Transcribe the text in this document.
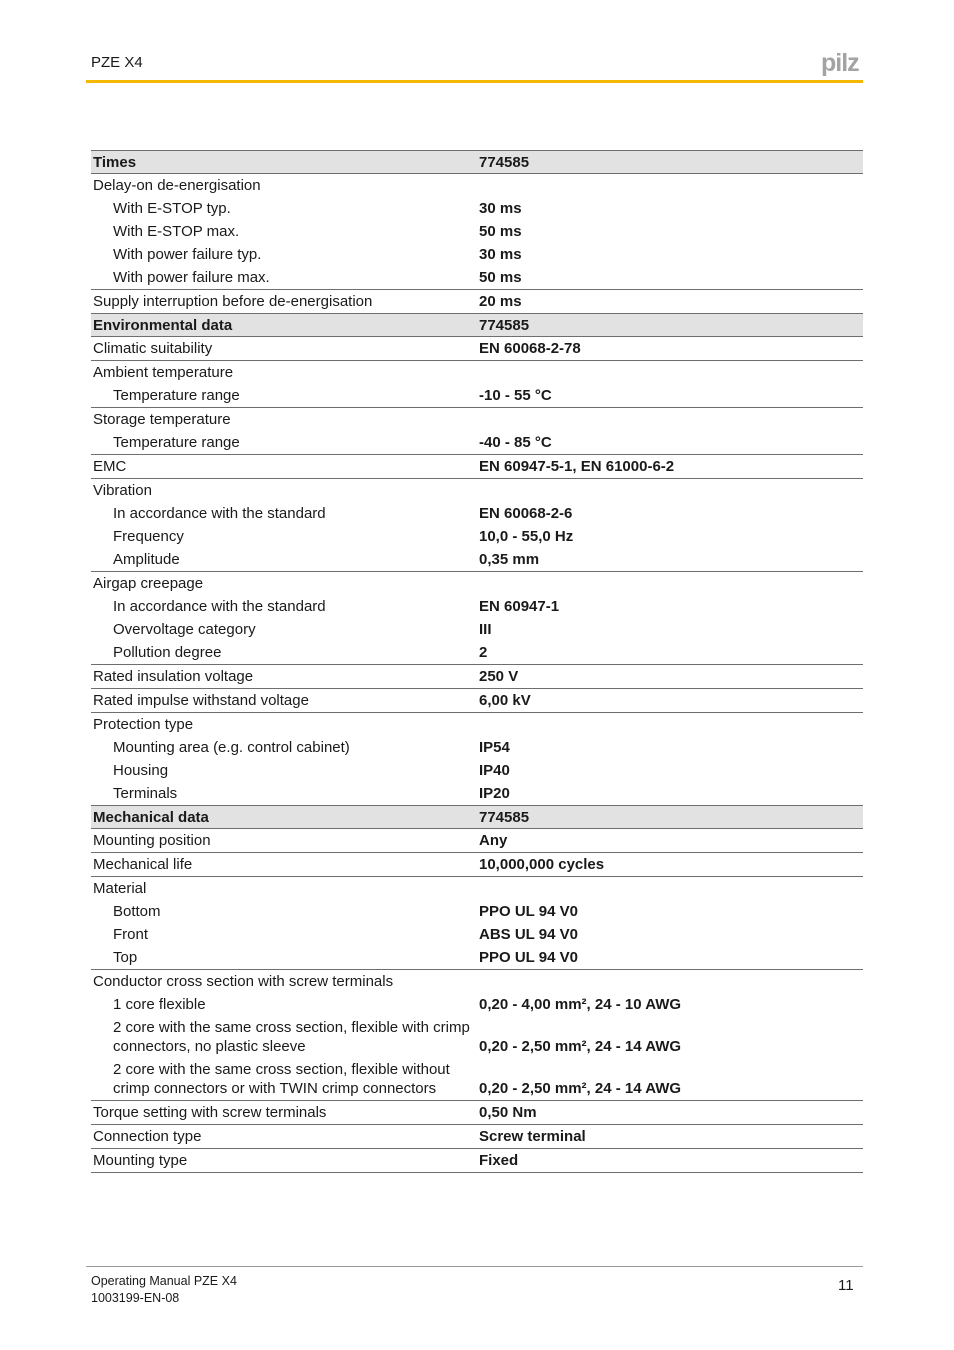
PZE X4	pilz
Times	774585
Delay-on de-energisation	
With E-STOP typ.	30 ms
With E-STOP max.	50 ms
With power failure typ.	30 ms
With power failure max.	50 ms
Supply interruption before de-energisation	20 ms
Environmental data	774585
Climatic suitability	EN 60068-2-78
Ambient temperature	
Temperature range	-10 - 55 °C
Storage temperature	
Temperature range	-40 - 85 °C
EMC	EN 60947-5-1, EN 61000-6-2
Vibration	
In accordance with the standard	EN 60068-2-6
Frequency	10,0 - 55,0 Hz
Amplitude	0,35 mm
Airgap creepage	
In accordance with the standard	EN 60947-1
Overvoltage category	III
Pollution degree	2
Rated insulation voltage	250 V
Rated impulse withstand voltage	6,00 kV
Protection type	
Mounting area (e.g. control cabinet)	IP54
Housing	IP40
Terminals	IP20
Mechanical data	774585
Mounting position	Any
Mechanical life	10,000,000 cycles
Material	
Bottom	PPO UL 94 V0
Front	ABS UL 94 V0
Top	PPO UL 94 V0
Conductor cross section with screw terminals	
1 core flexible	0,20 - 4,00 mm², 24 - 10 AWG
2 core with the same cross section, flexible with crimp connectors, no plastic sleeve	0,20 - 2,50 mm², 24 - 14 AWG
2 core with the same cross section, flexible without crimp connectors or with TWIN crimp connectors	0,20 - 2,50 mm², 24 - 14 AWG
Torque setting with screw terminals	0,50 Nm
Connection type	Screw terminal
Mounting type	Fixed
Operating Manual PZE X4
1003199-EN-08
11
